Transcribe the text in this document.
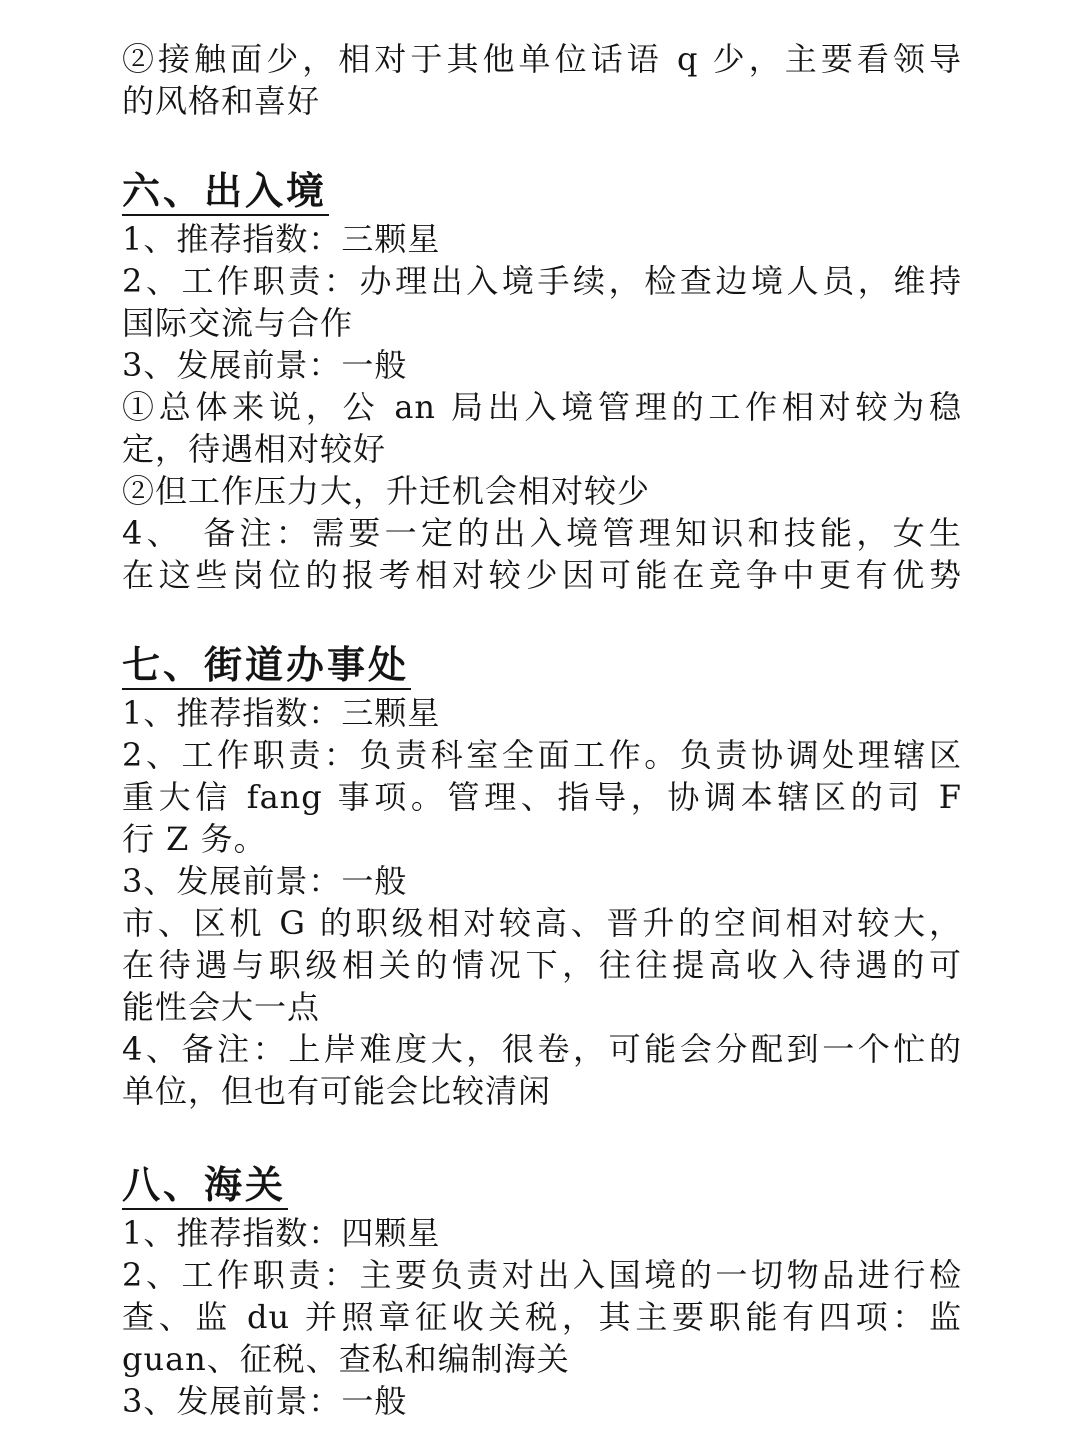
②接触面少，相对于其他单位话语 q 少，主要看领导
的风格和喜好
六、出入境
1、推荐指数：三颗星
2、工作职责：办理出入境手续，检查边境人员，维持
国际交流与合作
3、发展前景：一般
①总体来说，公 an 局出入境管理的工作相对较为稳
定，待遇相对较好
②但工作压力大，升迁机会相对较少
4、　备注：需要一定的出入境管理知识和技能，女生
在这些岗位的报考相对较少因可能在竞争中更有优势
七、街道办事处
1、推荐指数：三颗星
2、工作职责：负责科室全面工作。负责协调处理辖区
重大信 fang 事项。管理、指导，协调本辖区的司 F
行 Z 务。
3、发展前景：一般
市、区机 G 的职级相对较高、晋升的空间相对较大，
在待遇与职级相关的情况下，往往提高收入待遇的可
能性会大一点
4、备注：上岸难度大，很卷，可能会分配到一个忙的
单位，但也有可能会比较清闲
八、海关
1、推荐指数：四颗星
2、工作职责：主要负责对出入国境的一切物品进行检
查、监 du 并照章征收关税，其主要职能有四项：监
guan、征税、查私和编制海关
3、发展前景：一般
